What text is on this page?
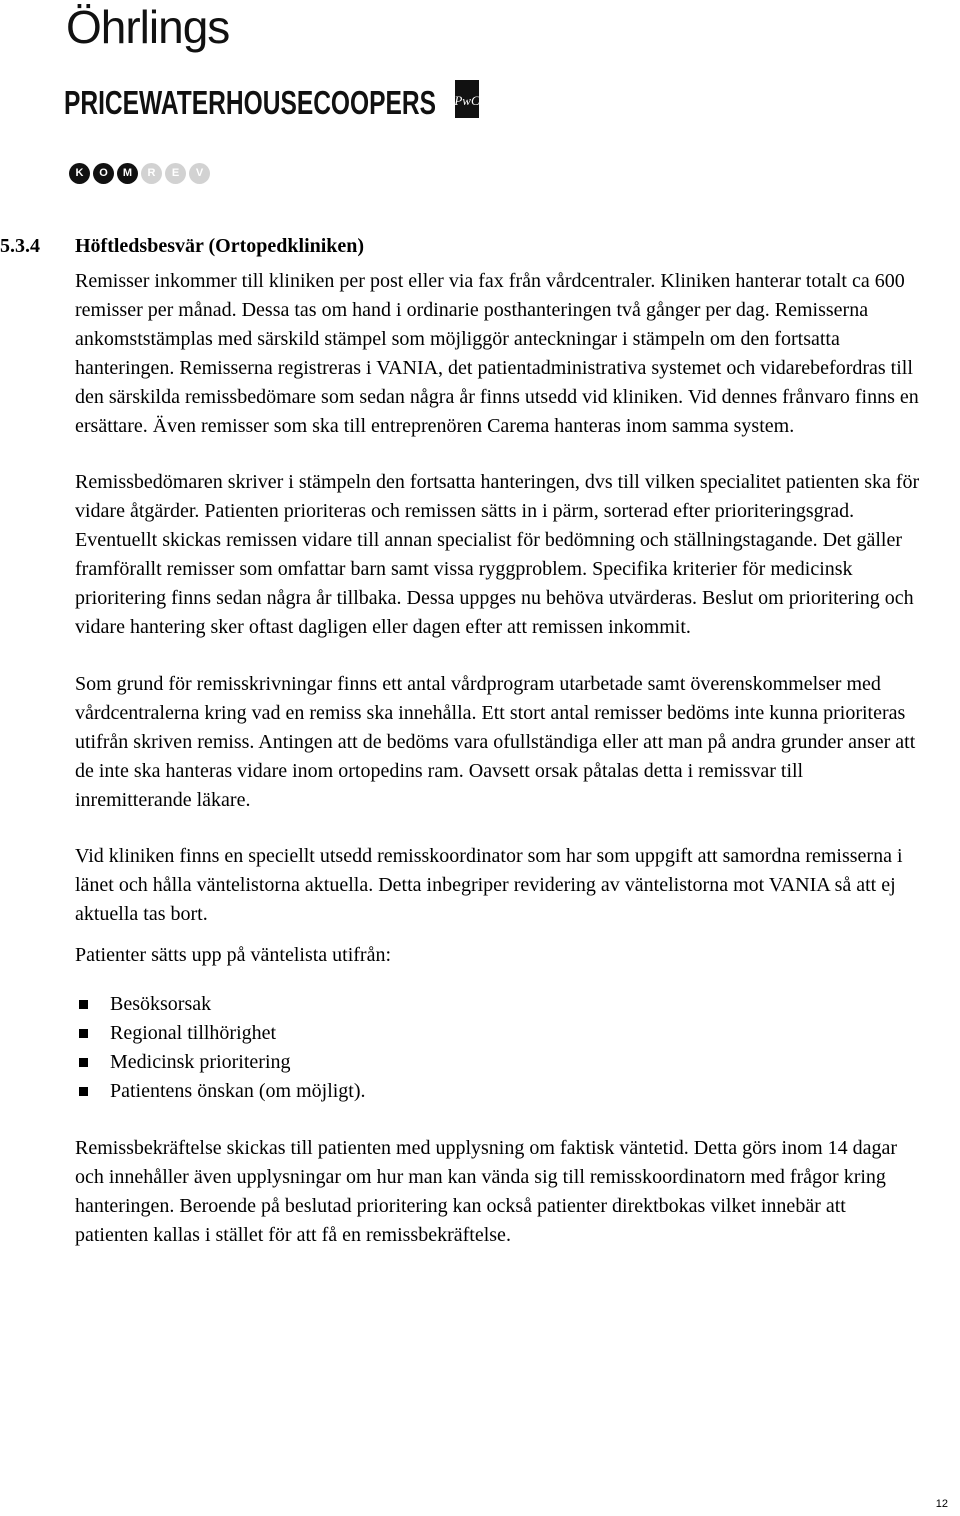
Öhrlings
PRICEWATERHOUSECOOPERS PwC
K	O	M	R	E	V
5.3.4 Höftledsbesvär (Ortopedkliniken)

Remisser inkommer till kliniken per post eller via fax från vårdcentraler. Kliniken hanterar totalt ca 600 remisser per månad. Dessa tas om hand i ordinarie posthanteringen två gånger per dag. Remisserna ankomststämplas med särskild stämpel som möjliggör anteckningar i stämpeln om den fortsatta hanteringen. Remisserna registreras i VANIA, det patientadministrativa systemet och vidarebefordras till den särskilda remissbedömare som sedan några år finns utsedd vid kliniken. Vid dennes frånvaro finns en ersättare. Även remisser som ska till entreprenören Carema hanteras inom samma system.

Remissbedömaren skriver i stämpeln den fortsatta hanteringen, dvs till vilken specialitet patienten ska för vidare åtgärder. Patienten prioriteras och remissen sätts in i pärm, sorterad efter prioriteringsgrad. Eventuellt skickas remissen vidare till annan specialist för bedömning och ställningstagande. Det gäller framförallt remisser som omfattar barn samt vissa ryggproblem. Specifika kriterier för medicinsk prioritering finns sedan några år tillbaka. Dessa uppges nu behöva utvärderas. Beslut om prioritering och vidare hantering sker oftast dagligen eller dagen efter att remissen inkommit.

Som grund för remisskrivningar finns ett antal vårdprogram utarbetade samt överenskommelser med vårdcentralerna kring vad en remiss ska innehålla. Ett stort antal remisser bedöms inte kunna prioriteras utifrån skriven remiss. Antingen att de bedöms vara ofullständiga eller att man på andra grunder anser att de inte ska hanteras vidare inom ortopedins ram. Oavsett orsak påtalas detta i remissvar till inremitterande läkare.

Vid kliniken finns en speciellt utsedd remisskoordinator som har som uppgift att samordna remisserna i länet och hålla väntelistorna aktuella. Detta inbegriper revidering av väntelistorna mot VANIA så att ej aktuella tas bort.

Patienter sätts upp på väntelista utifrån:

Besöksorsak
Regional tillhörighet
Medicinsk prioritering
Patientens önskan (om möjligt).

Remissbekräftelse skickas till patienten med upplysning om faktisk väntetid. Detta görs inom 14 dagar och innehåller även upplysningar om hur man kan vända sig till remisskoordinatorn med frågor kring hanteringen. Beroende på beslutad prioritering kan också patienter direktbokas vilket innebär att patienten kallas i stället för att få en remissbekräftelse.

12
